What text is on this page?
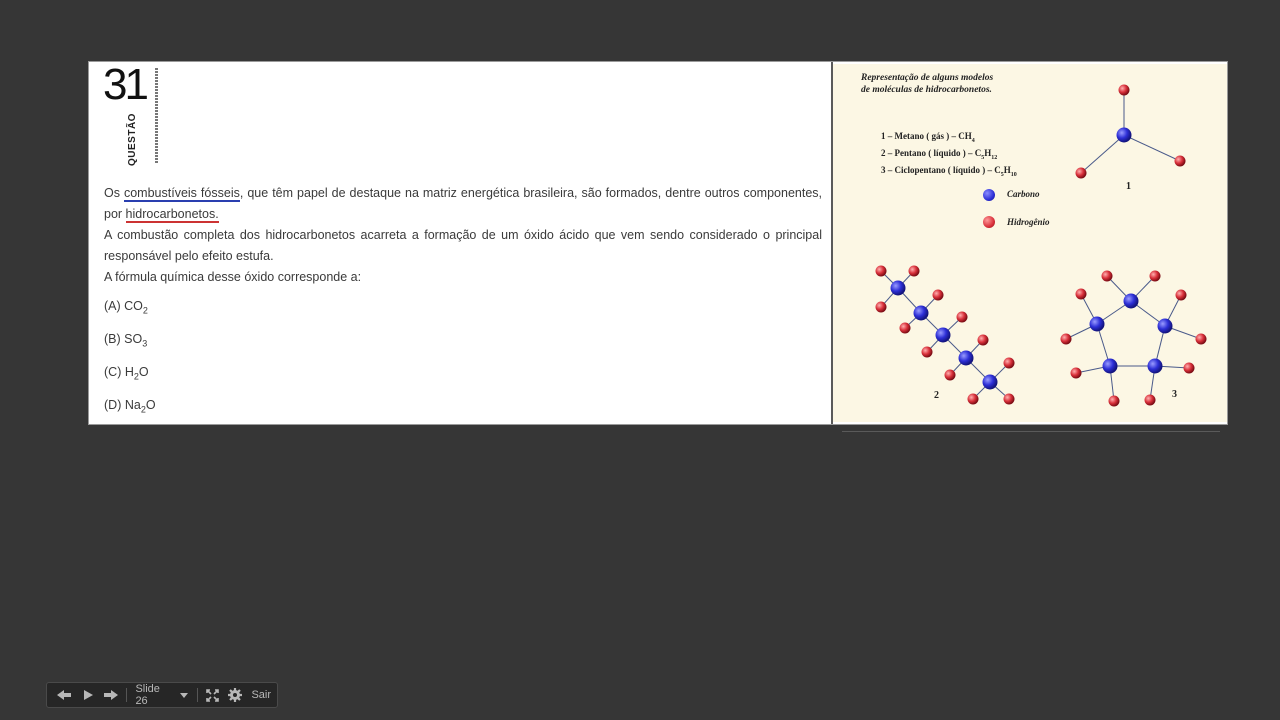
31
QUESTÃO

Os combustíveis fósseis, que têm papel de destaque na matriz energética brasileira, são formados, dentre outros componentes, por hidrocarbonetos.

A combustão completa dos hidrocarbonetos acarreta a formação de um óxido ácido que vem sendo considerado o principal responsável pelo efeito estufa.

A fórmula química desse óxido corresponde a:

(A) $CO_2$
(B) $SO_3$
(C) $H_2O$
(D) $Na_2O$
Representação de alguns modelos
de moléculas de hidrocarbonetos.
1 – Metano ( gás ) – $CH_4$
2 – Pentano ( líquido ) – $C_5H_{12}$
3 – Ciclopentano ( líquido ) – $C_5H_{10}$
Carbono
Hidrogênio
1
2	3
Slide 26	Sair
